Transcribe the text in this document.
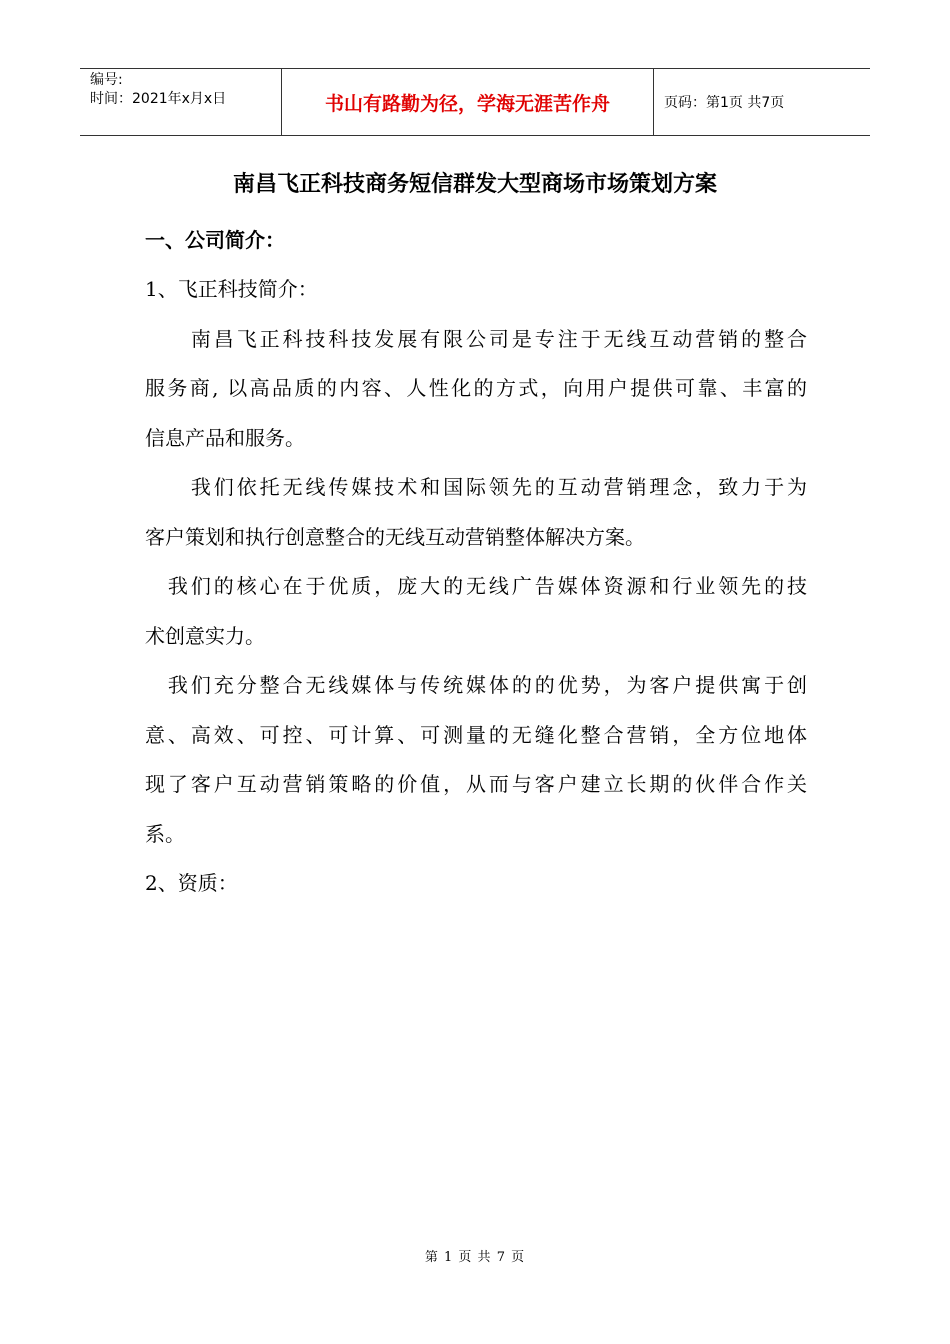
编号:
时间：2021年x月x日	书山有路勤为径，学海无涯苦作舟	页码：第1页 共7页
南昌飞正科技商务短信群发大型商场市场策划方案
一、公司简介：
1、飞正科技简介：
　　南昌飞正科技科技发展有限公司是专注于无线互动营销的整合
服务商, 以高品质的内容、人性化的方式，向用户提供可靠、丰富的
信息产品和服务。
　　我们依托无线传媒技术和国际领先的互动营销理念，致力于为
客户策划和执行创意整合的无线互动营销整体解决方案。
　我们的核心在于优质，庞大的无线广告媒体资源和行业领先的技
术创意实力。
　我们充分整合无线媒体与传统媒体的的优势，为客户提供寓于创
意、高效、可控、可计算、可测量的无缝化整合营销，全方位地体
现了客户互动营销策略的价值，从而与客户建立长期的伙伴合作关
系。
2、资质：
第 1 页 共 7 页
